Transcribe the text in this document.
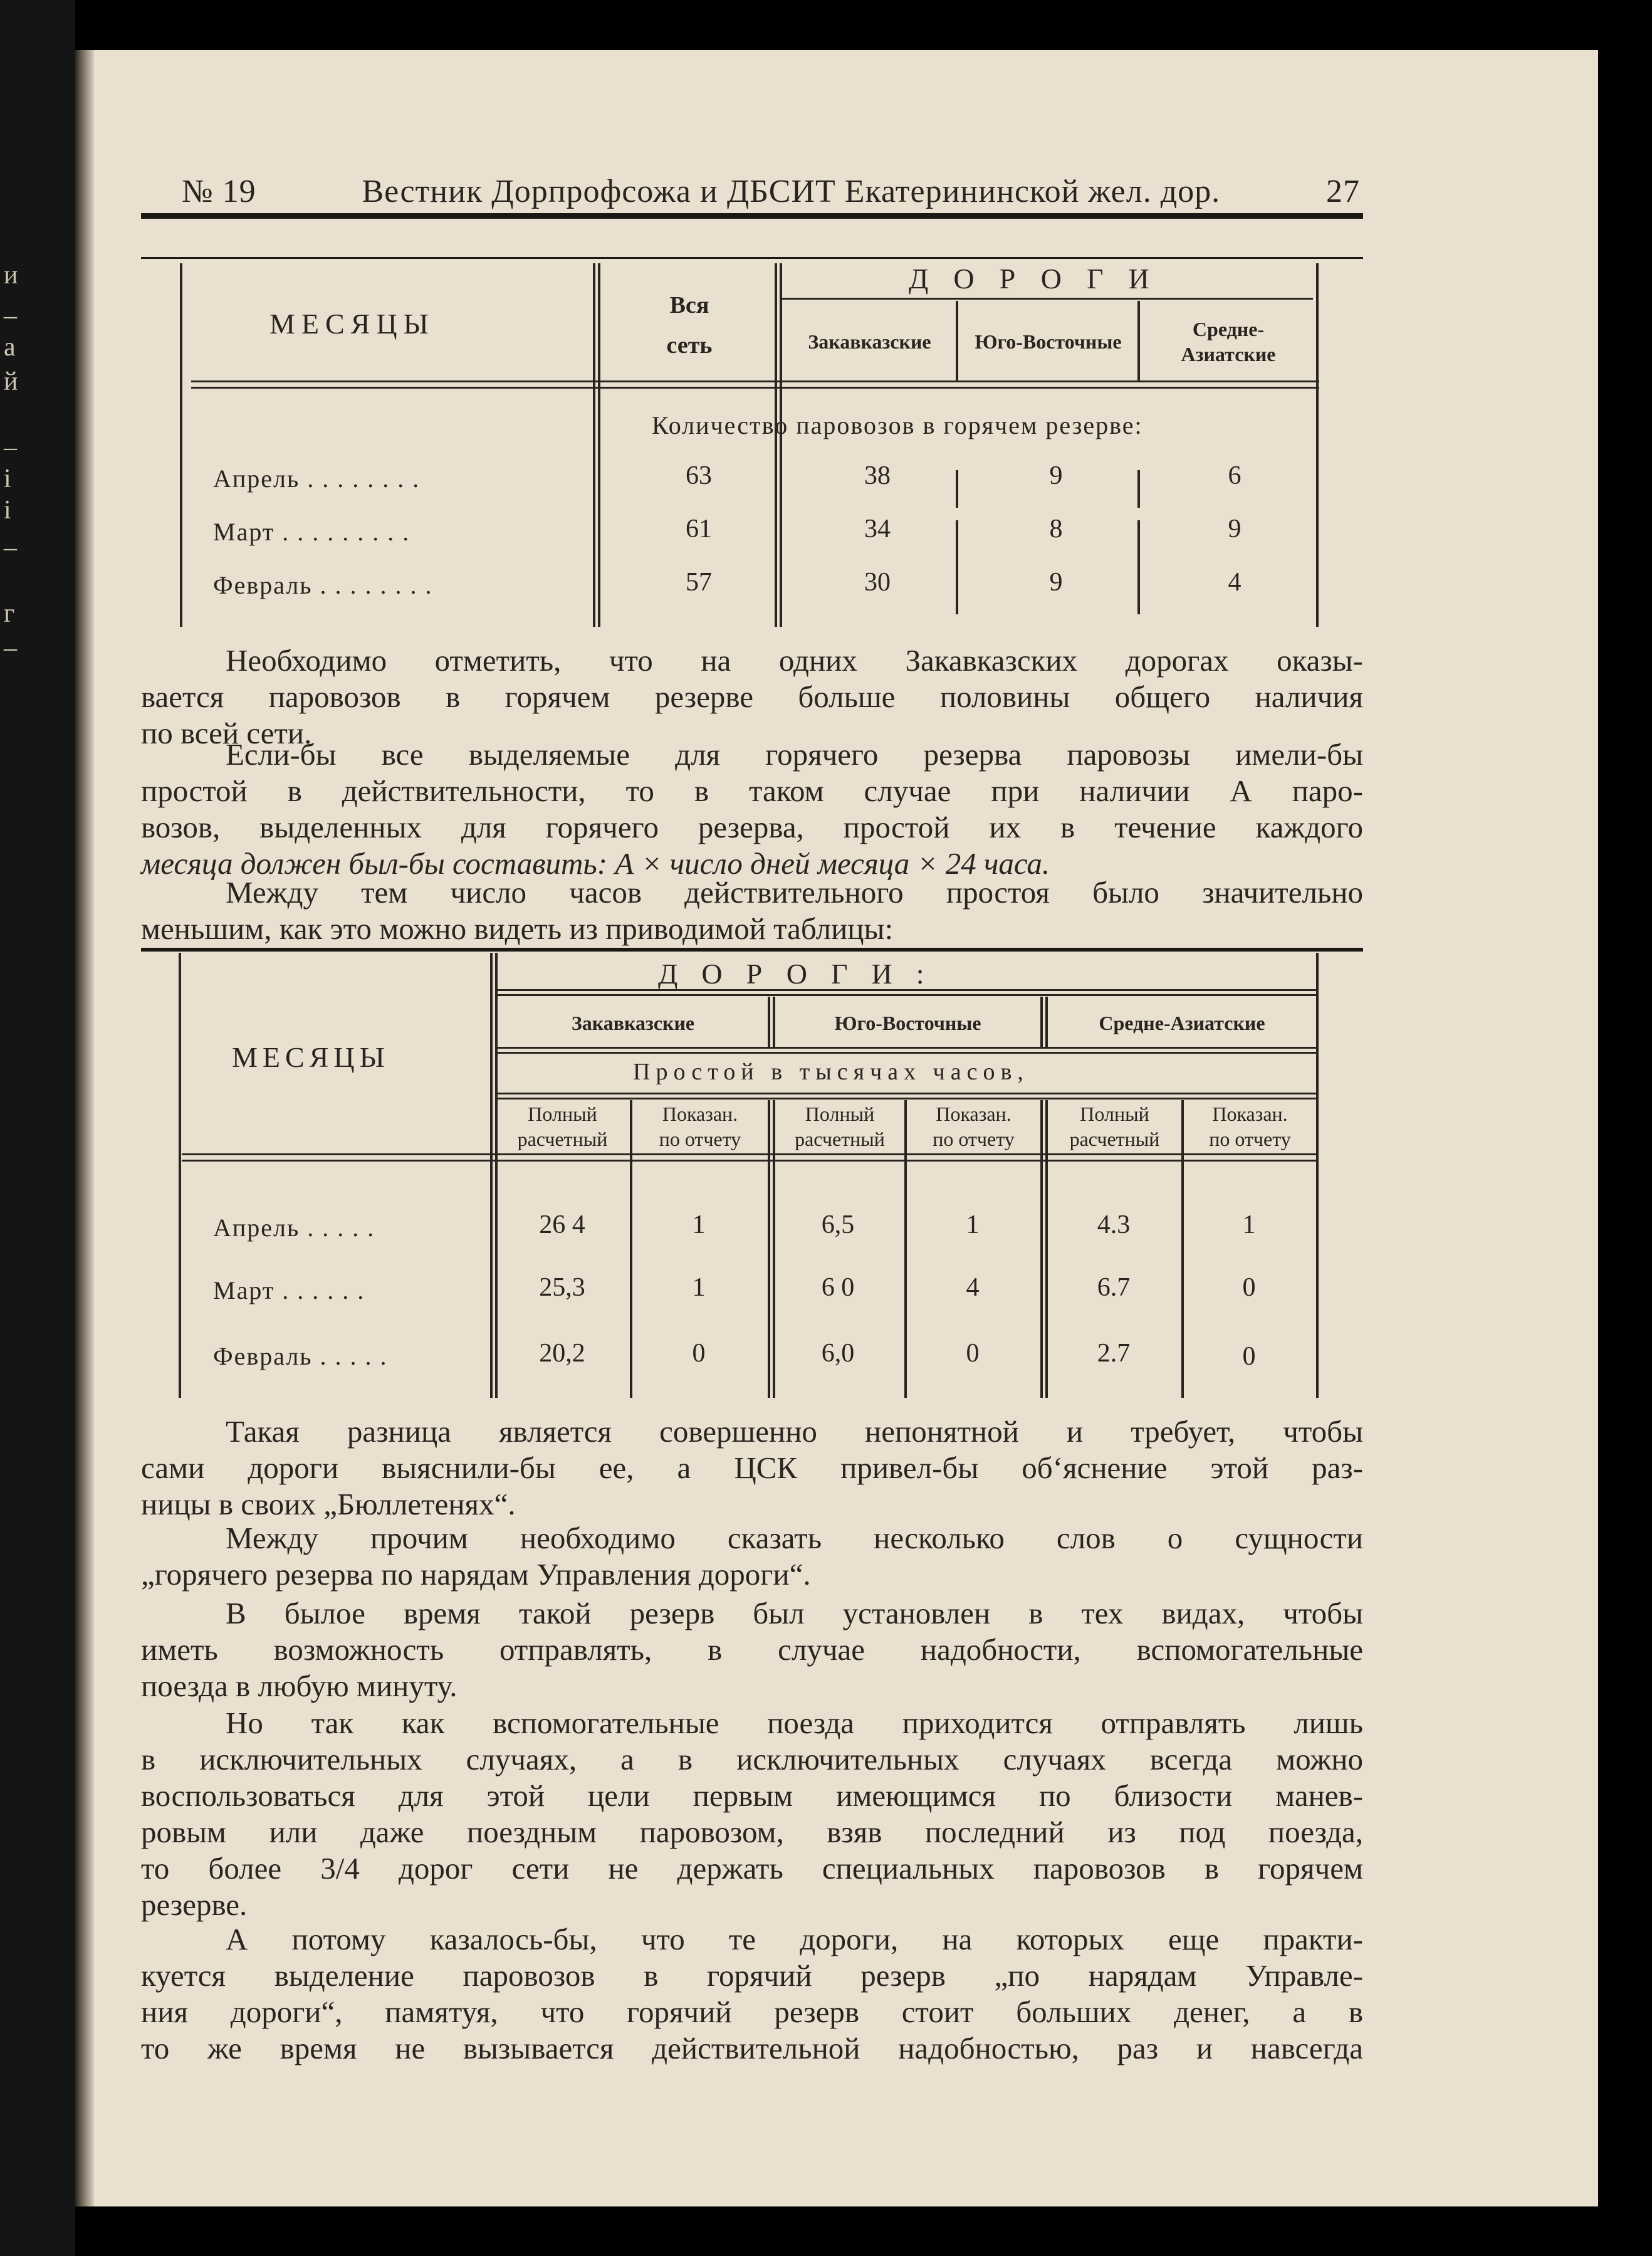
и
–
а
й
–
і
і
–
г
–
№ 19	Вестник Дорпрофсожа и ДБСИТ Екатерининской жел. дор.	27
МЕСЯЦЫ
Вся
сеть
ДОРОГИ
Закавказские	Юго-Восточные
Средне-
Азиатские
Количество паровозов в горячем резерве:
Апрель . . . . . . . .	63	38	9	6
Март . . . . . . . . .	61	34	8	9
Февраль . . . . . . . .	57	30	9	4
Необходимо отметить, что на одних Закавказских дорогах оказы-
вается паровозов в горячем резерве больше половины общего наличия
по всей сети.
Если-бы все выделяемые для горячего резерва паровозы имели-бы
простой в действительности, то в таком случае при наличии А паро-
возов, выделенных для горячего резерва, простой их в течение каждого
месяца должен был-бы составить: А × число дней месяца × 24 часа.
Между тем число часов действительного простоя было значительно
меньшим, как это можно видеть из приводимой таблицы:
МЕСЯЦЫ
ДОРОГИ:
Закавказские	Юго-Восточные	Средне-Азиатские
Простой в тысячах часов,
Полный
расчетный
Показан.
по отчету
Полный
расчетный
Показан.
по отчету
Полный
расчетный
Показан.
по отчету
Апрель . . . . .	26 4	1	6,5	1	4.3	1
Март . . . . . .	25,3	1	6 0	4	6.7	0
Февраль . . . . .	20,2	0	6,0	0	2.7	0
Такая разница является совершенно непонятной и требует, чтобы
сами дороги выяснили-бы ее, а ЦСК привел-бы об‘яснение этой раз-
ницы в своих „Бюллетенях“.
Между прочим необходимо сказать несколько слов о сущности
„горячего резерва по нарядам Управления дороги“.
В былое время такой резерв был установлен в тех видах, чтобы
иметь возможность отправлять, в случае надобности, вспомогательные
поезда в любую минуту.
Но так как вспомогательные поезда приходится отправлять лишь
в исключительных случаях, а в исключительных случаях всегда можно
воспользоваться для этой цели первым имеющимся по близости манев-
ровым или даже поездным паровозом, взяв последний из под поезда,
то более 3/4 дорог сети не держать специальных паровозов в горячем
резерве.
А потому казалось-бы, что те дороги, на которых еще практи-
куется выделение паровозов в горячий резерв „по нарядам Управле-
ния дороги“, памятуя, что горячий резерв стоит больших денег, а в
то же время не вызывается действительной надобностью, раз и навсегда
